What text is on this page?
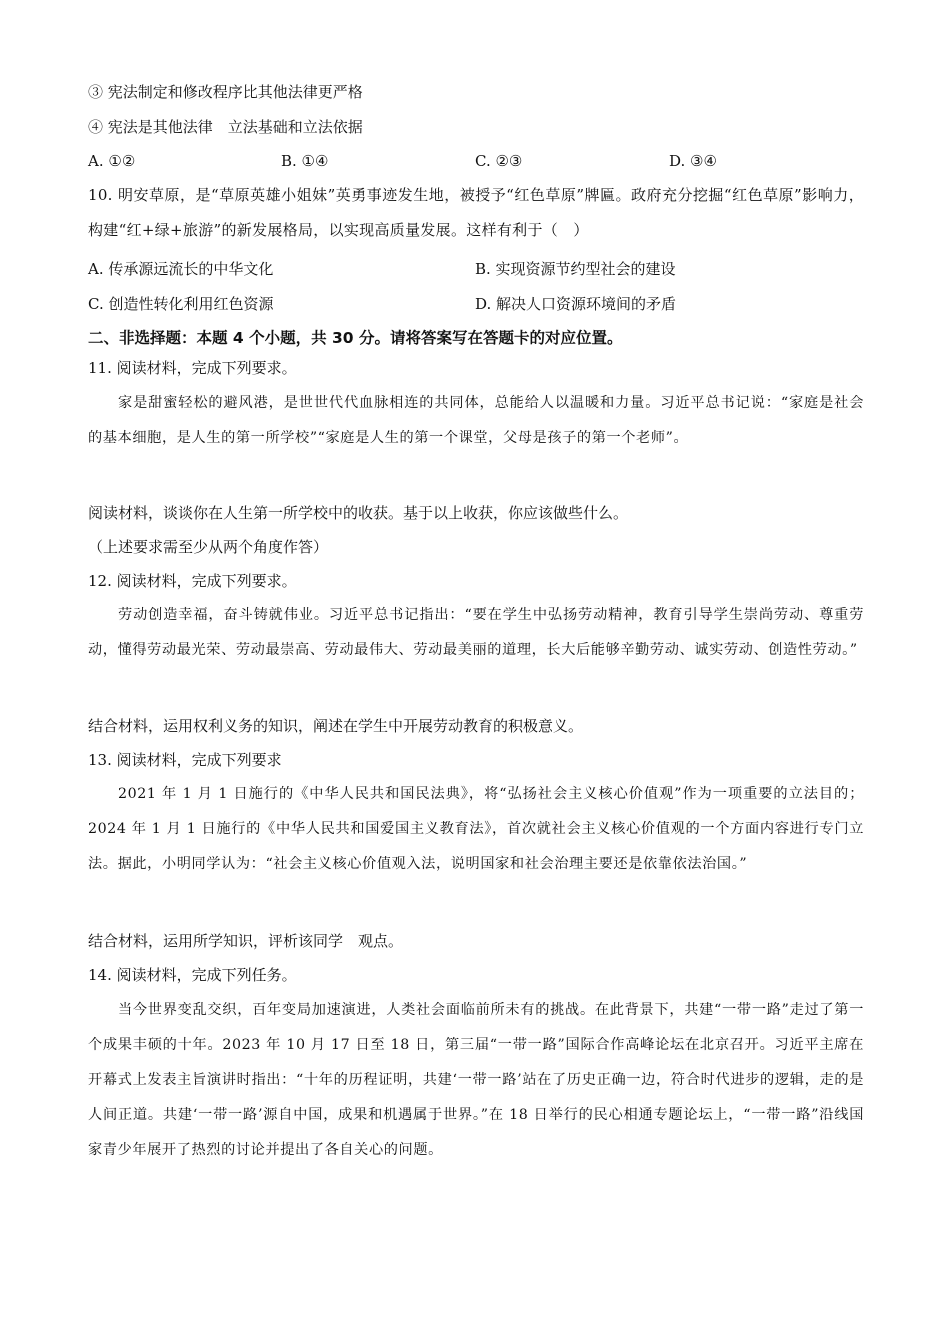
③ 宪法制定和修改程序比其他法律更严格
④ 宪法是其他法律　立法基础和立法依据
A. ①②	B. ①④	C. ②③	D. ③④
10. 明安草原，是“草原英雄小姐妹”英勇事迹发生地，被授予“红色草原”牌匾。政府充分挖掘“红色草原”影响力，构建“红+绿+旅游”的新发展格局，以实现高质量发展。这样有利于（　）
A. 传承源远流长的中华文化	B. 实现资源节约型社会的建设
C. 创造性转化利用红色资源	D. 解决人口资源环境间的矛盾
二、非选择题：本题 4 个小题，共 30 分。请将答案写在答题卡的对应位置。
11. 阅读材料，完成下列要求。
家是甜蜜轻松的避风港，是世世代代血脉相连的共同体，总能给人以温暖和力量。习近平总书记说：“家庭是社会的基本细胞，是人生的第一所学校”“家庭是人生的第一个课堂，父母是孩子的第一个老师”。
阅读材料，谈谈你在人生第一所学校中的收获。基于以上收获，你应该做些什么。
（上述要求需至少从两个角度作答）
12. 阅读材料，完成下列要求。
劳动创造幸福，奋斗铸就伟业。习近平总书记指出：“要在学生中弘扬劳动精神，教育引导学生崇尚劳动、尊重劳动，懂得劳动最光荣、劳动最崇高、劳动最伟大、劳动最美丽的道理，长大后能够辛勤劳动、诚实劳动、创造性劳动。”
结合材料，运用权利义务的知识，阐述在学生中开展劳动教育的积极意义。
13. 阅读材料，完成下列要求
2021 年 1 月 1 日施行的《中华人民共和国民法典》，将“弘扬社会主义核心价值观”作为一项重要的立法目的；2024 年 1 月 1 日施行的《中华人民共和国爱国主义教育法》，首次就社会主义核心价值观的一个方面内容进行专门立法。据此，小明同学认为：“社会主义核心价值观入法，说明国家和社会治理主要还是依靠依法治国。”
结合材料，运用所学知识，评析该同学　观点。
14. 阅读材料，完成下列任务。
当今世界变乱交织，百年变局加速演进，人类社会面临前所未有的挑战。在此背景下，共建“一带一路”走过了第一个成果丰硕的十年。2023 年 10 月 17 日至 18 日，第三届“一带一路”国际合作高峰论坛在北京召开。习近平主席在开幕式上发表主旨演讲时指出：“十年的历程证明，共建‘一带一路’站在了历史正确一边，符合时代进步的逻辑，走的是人间正道。共建‘一带一路’源自中国，成果和机遇属于世界。”在 18 日举行的民心相通专题论坛上，“一带一路”沿线国家青少年展开了热烈的讨论并提出了各自关心的问题。
